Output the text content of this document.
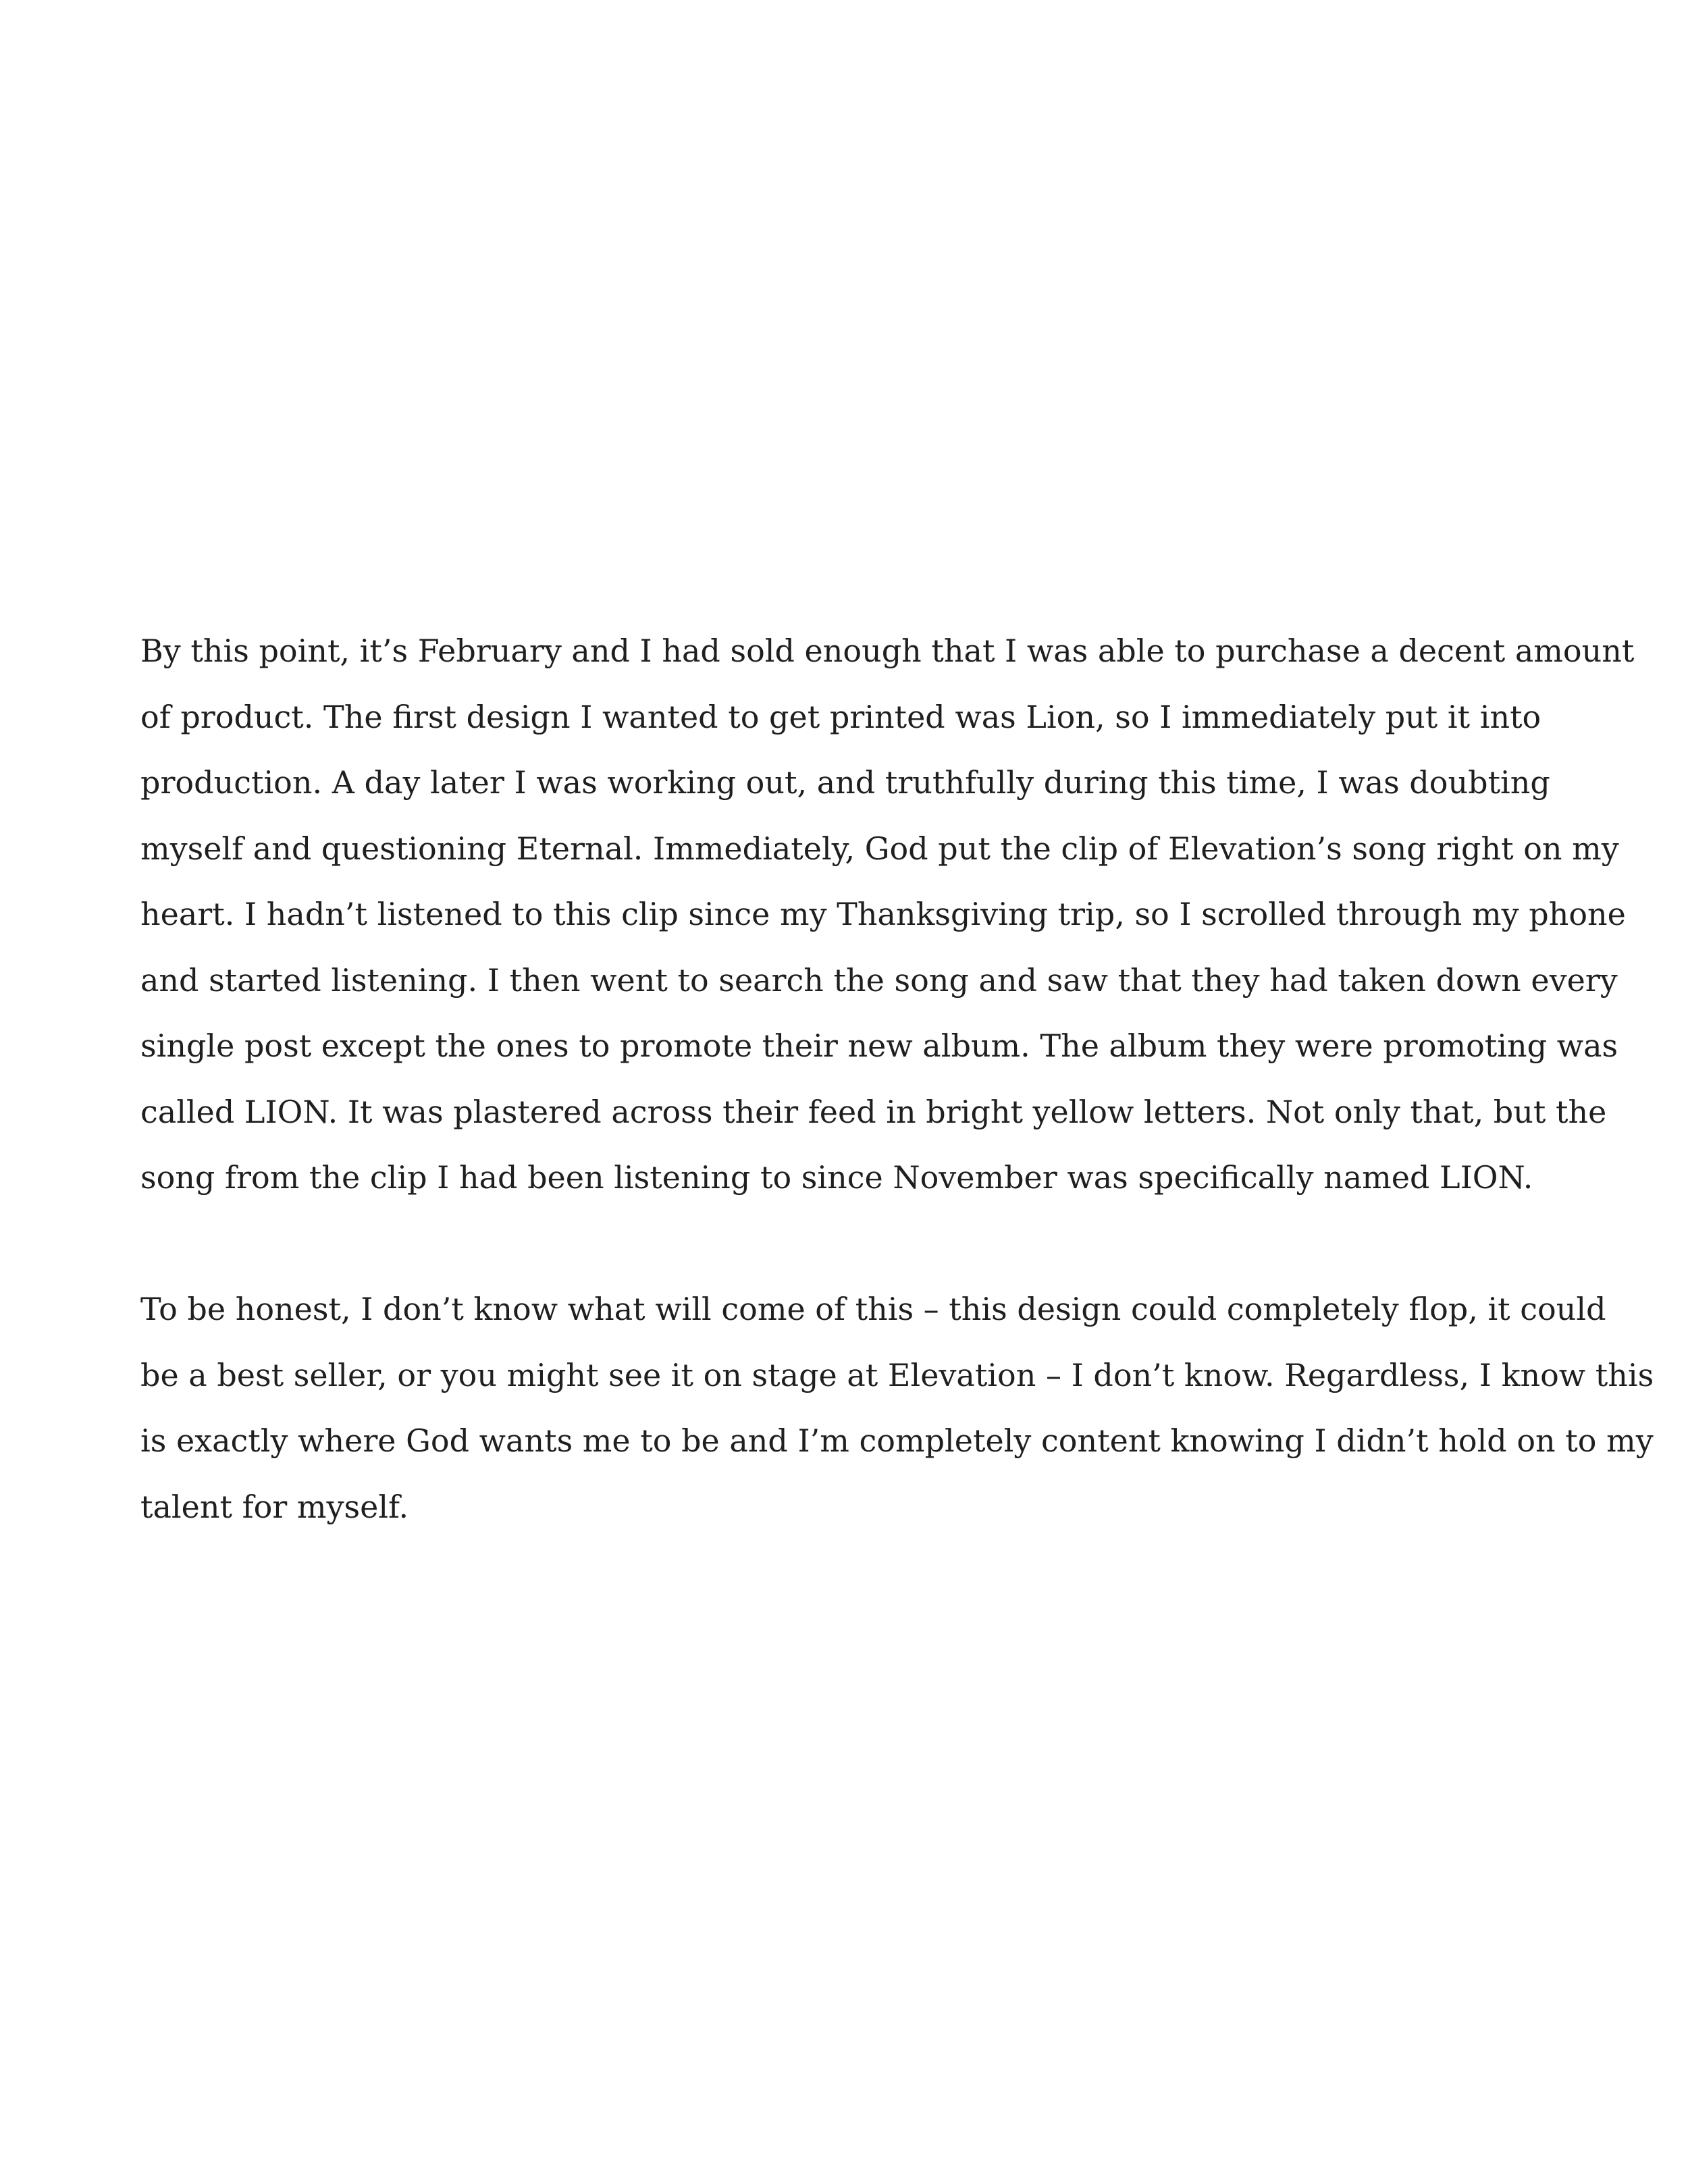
By this point, it’s February and I had sold enough that I was able to purchase a decent amount
of product. The first design I wanted to get printed was Lion, so I immediately put it into
production. A day later I was working out, and truthfully during this time, I was doubting
myself and questioning Eternal. Immediately, God put the clip of Elevation’s song right on my
heart. I hadn’t listened to this clip since my Thanksgiving trip, so I scrolled through my phone
and started listening. I then went to search the song and saw that they had taken down every
single post except the ones to promote their new album. The album they were promoting was
called LION. It was plastered across their feed in bright yellow letters. Not only that, but the
song from the clip I had been listening to since November was specifically named LION.

To be honest, I don’t know what will come of this – this design could completely flop, it could
be a best seller, or you might see it on stage at Elevation – I don’t know. Regardless, I know this
is exactly where God wants me to be and I’m completely content knowing I didn’t hold on to my
talent for myself.
